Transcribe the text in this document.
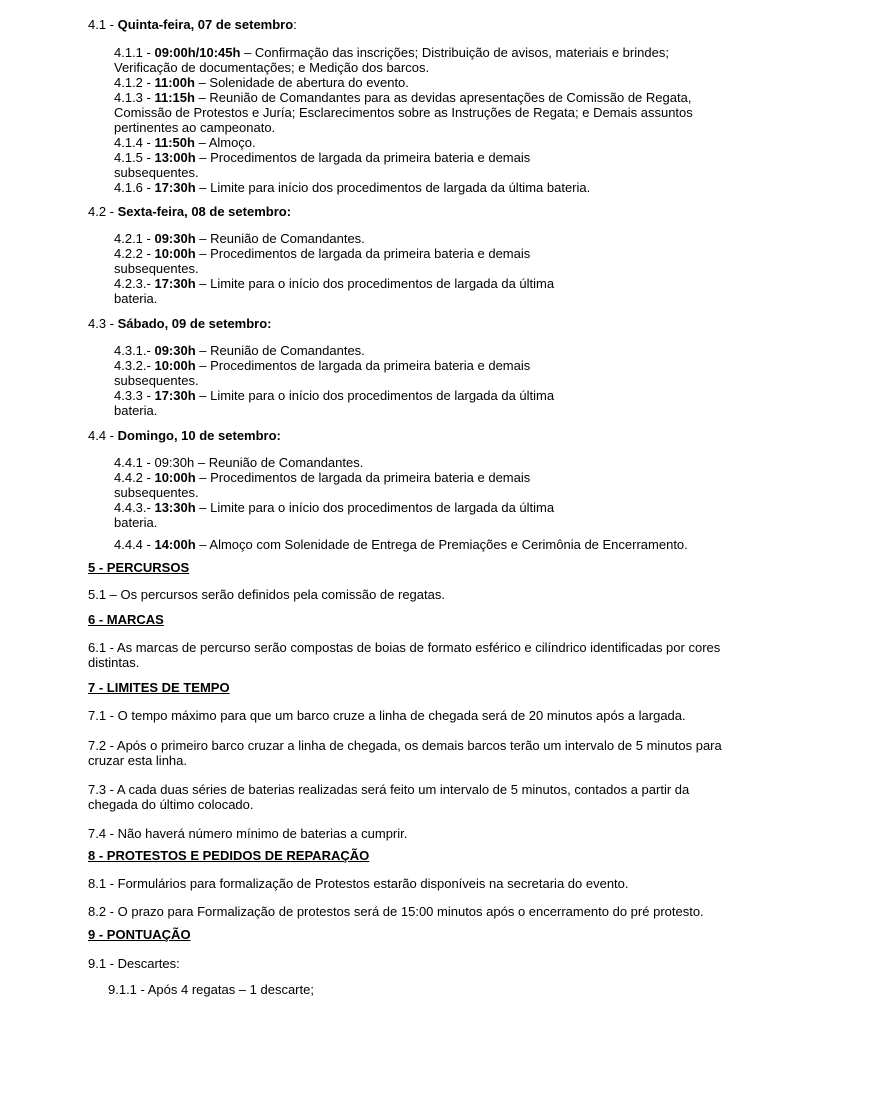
4.1 - Quinta-feira, 07 de setembro:
4.1.1 - 09:00h/10:45h – Confirmação das inscrições; Distribuição de avisos, materiais e brindes;
Verificação de documentações; e Medição dos barcos.
4.1.2 - 11:00h – Solenidade de abertura do evento.
4.1.3 - 11:15h – Reunião de Comandantes para as devidas apresentações de Comissão de Regata,
Comissão de Protestos e Juría; Esclarecimentos sobre as Instruções de Regata; e Demais assuntos
pertinentes ao campeonato.
4.1.4 - 11:50h – Almoço.
4.1.5 - 13:00h – Procedimentos de largada da primeira bateria e demais
subsequentes.
4.1.6 - 17:30h – Limite para início dos procedimentos de largada da última bateria.
4.2 - Sexta-feira, 08 de setembro:
4.2.1 - 09:30h – Reunião de Comandantes.
4.2.2 - 10:00h – Procedimentos de largada da primeira bateria e demais
subsequentes.
4.2.3.- 17:30h – Limite para o início dos procedimentos de largada da última
bateria.
4.3 - Sábado, 09 de setembro:
4.3.1.- 09:30h – Reunião de Comandantes.
4.3.2.- 10:00h – Procedimentos de largada da primeira bateria e demais
subsequentes.
4.3.3 - 17:30h – Limite para o início dos procedimentos de largada da última
bateria.
4.4 - Domingo, 10 de setembro:
4.4.1 - 09:30h – Reunião de Comandantes.
4.4.2 - 10:00h – Procedimentos de largada da primeira bateria e demais
subsequentes.
4.4.3.- 13:30h – Limite para o início dos procedimentos de largada da última
bateria.
4.4.4 - 14:00h – Almoço com Solenidade de Entrega de Premiações e Cerimônia de Encerramento.
5 - PERCURSOS
5.1 – Os percursos serão definidos pela comissão de regatas.
6 - MARCAS
6.1 - As marcas de percurso serão compostas de boias de formato esférico e cilíndrico identificadas por cores
distintas.
7 - LIMITES DE TEMPO
7.1 - O tempo máximo para que um barco cruze a linha de chegada será de 20 minutos após a largada.
7.2 - Após o primeiro barco cruzar a linha de chegada, os demais barcos terão um intervalo de 5 minutos para
cruzar esta linha.
7.3 - A cada duas séries de baterias realizadas será feito um intervalo de 5 minutos, contados a partir da
chegada do último colocado.
7.4 - Não haverá número mínimo de baterias a cumprir.
8 - PROTESTOS E PEDIDOS DE REPARAÇÃO
8.1 - Formulários para formalização de Protestos estarão disponíveis na secretaria do evento.
8.2 - O prazo para Formalização de protestos será de 15:00 minutos após o encerramento do pré protesto.
9 - PONTUAÇÃO
9.1 - Descartes:
9.1.1 - Após 4 regatas – 1 descarte;
